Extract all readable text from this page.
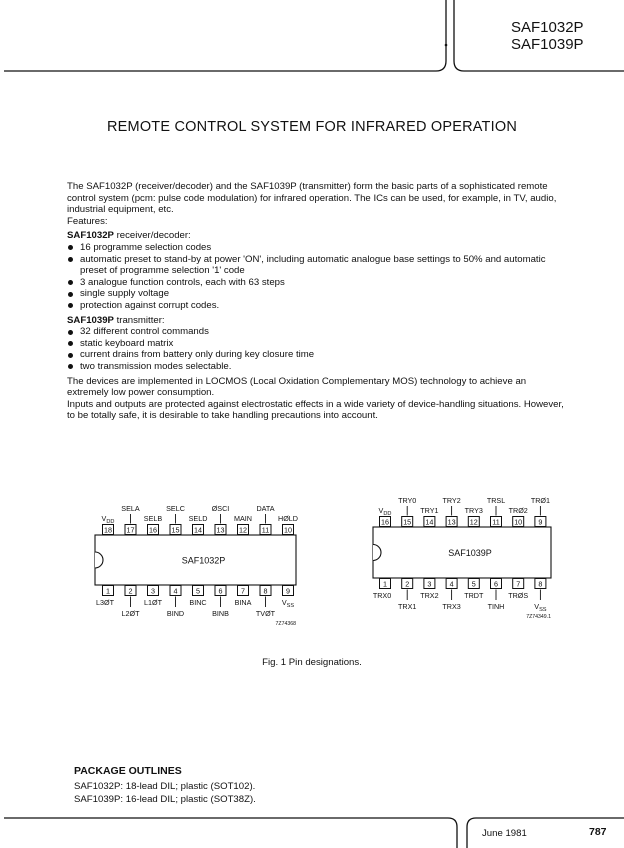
SAF1032P
SAF1039P
REMOTE CONTROL SYSTEM FOR INFRARED OPERATION

The SAF1032P (receiver/decoder) and the SAF1039P (transmitter) form the basic parts of a sophisticated remote control system (pcm: pulse code modulation) for infrared operation. The ICs can be used, for example, in TV, audio, industrial equipment, etc.

Features:

SAF1032P receiver/decoder:

16 programme selection codes
automatic preset to stand-by at power 'ON', including automatic analogue base settings to 50% and automatic preset of programme selection '1' code
3 analogue function controls, each with 63 steps
single supply voltage
protection against corrupt codes.

SAF1039P transmitter:

32 different control commands
static keyboard matrix
current drains from battery only during key closure time
two transmission modes selectable.

The devices are implemented in LOCMOS (Local Oxidation Complementary MOS) technology to achieve an extremely low power consumption.

Inputs and outputs are protected against electrostatic effects in a wide variety of device-handling situations. However, to be totally safe, it is desirable to take handling precautions into account.

SAF1032P
18 17 16 15 14 13 12 11 10
1	2	3	4	5	6	7	8	9
$V_{DD}$	SELB	SELD	MAIN	HØLD
SELA	SELC	ØSCI	DATA
L3ØT	L1ØT	BINC	BINA	$V_{SS}$
L2ØT	BIND	BINB	TVØT
7Z74368
SAF1039P
16 15 14 13 12 11 10 9
1	2	3	4	5	6	7	8
$V_{DD}$	TRY1	TRY3	TRØ2
TRY0	TRY2	TRSL	TRØ1
TRX0	TRX2	TRDT	TRØS
TRX1	TRX3	TINH	$V_{SS}$
7Z74349.1
Fig. 1 Pin designations.
PACKAGE OUTLINES
SAF1032P: 18-lead DIL; plastic (SOT102).
SAF1039P: 16-lead DIL; plastic (SOT38Z).
June 1981	787
